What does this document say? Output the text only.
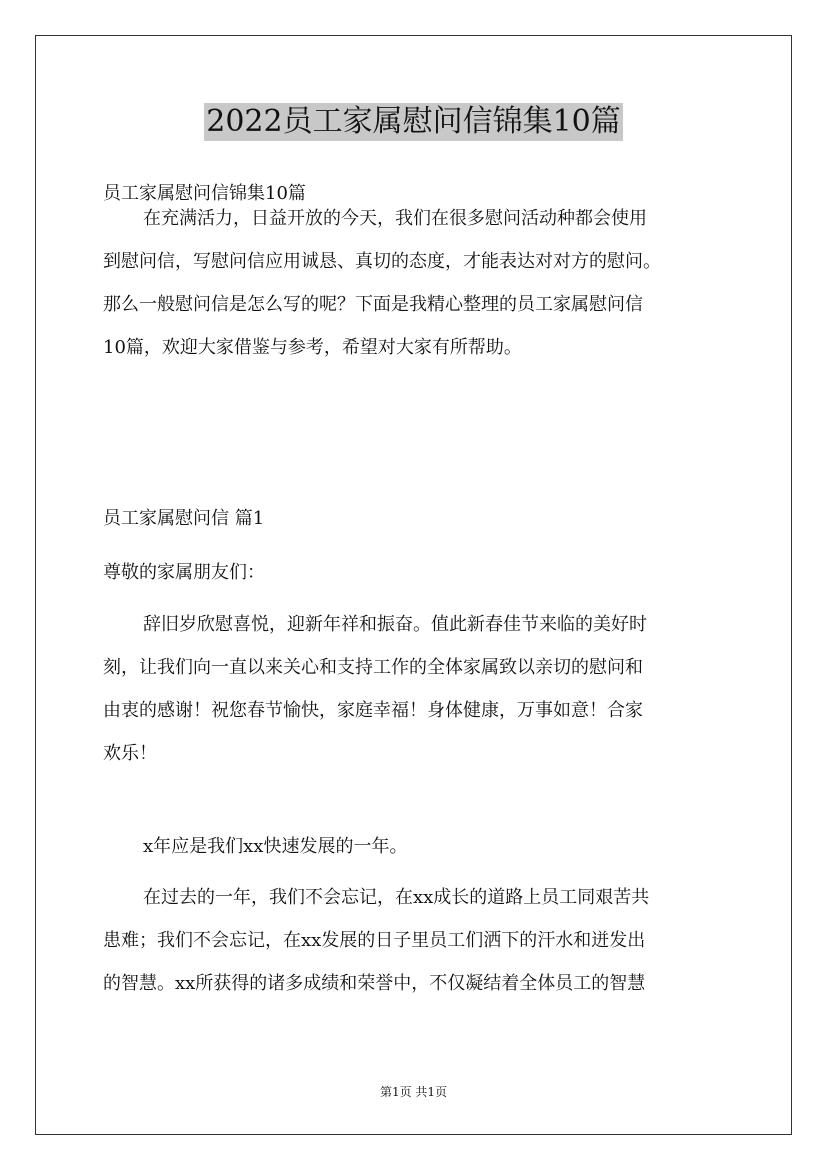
2022员工家属慰问信锦集10篇
员工家属慰问信锦集10篇
在充满活力，日益开放的今天，我们在很多慰问活动种都会使用
到慰问信，写慰问信应用诚恳、真切的态度，才能表达对对方的慰问。
那么一般慰问信是怎么写的呢？下面是我精心整理的员工家属慰问信
10篇，欢迎大家借鉴与参考，希望对大家有所帮助。
员工家属慰问信 篇1
尊敬的家属朋友们：
辞旧岁欣慰喜悦，迎新年祥和振奋。值此新春佳节来临的美好时
刻，让我们向一直以来关心和支持工作的全体家属致以亲切的慰问和
由衷的感谢！祝您春节愉快，家庭幸福！身体健康，万事如意！合家
欢乐！
x年应是我们xx快速发展的一年。
在过去的一年，我们不会忘记，在xx成长的道路上员工同艰苦共
患难；我们不会忘记，在xx发展的日子里员工们洒下的汗水和迸发出
的智慧。xx所获得的诸多成绩和荣誉中，不仅凝结着全体员工的智慧
第1页 共1页
